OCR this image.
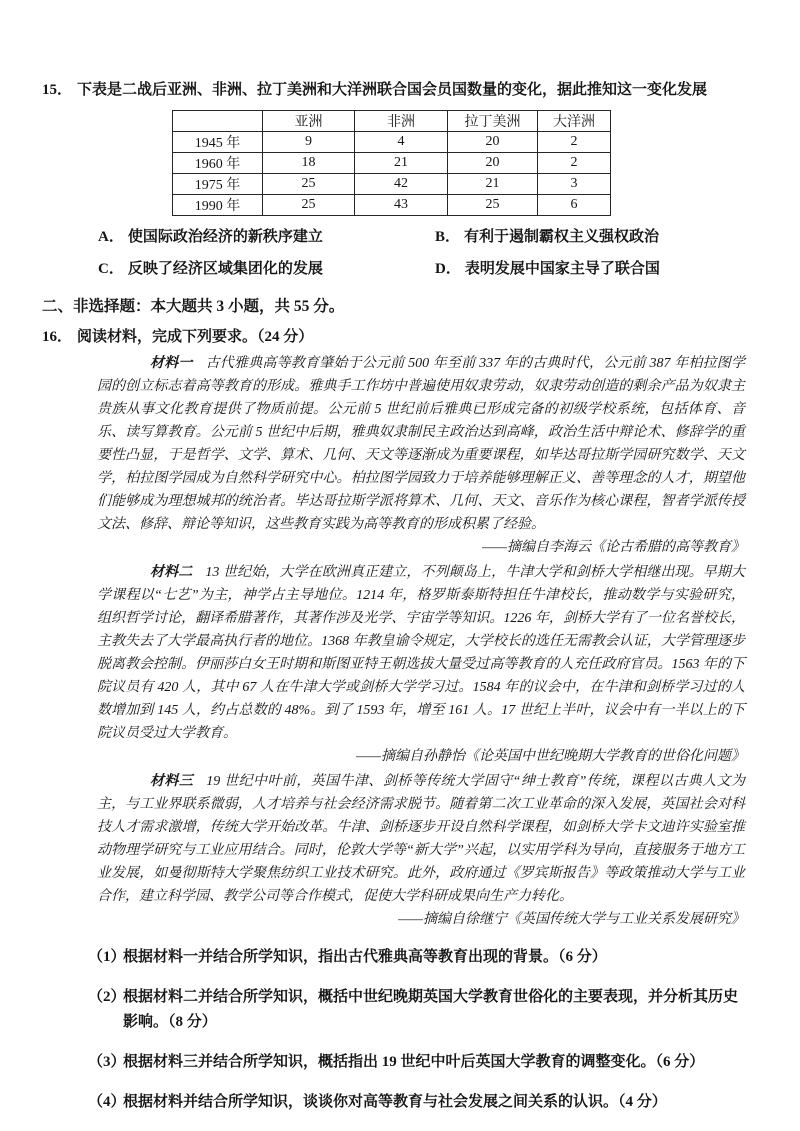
15． 下表是二战后亚洲、非洲、拉丁美洲和大洋洲联合国会员国数量的变化，据此推知这一变化发展
	亚洲	非洲	拉丁美洲	大洋洲
1945 年	9	4	20	2
1960 年	18	21	20	2
1975 年	25	42	21	3
1990 年	25	43	25	6
A． 使国际政治经济的新秩序建立	B． 有利于遏制霸权主义强权政治
C． 反映了经济区域集团化的发展	D． 表明发展中国家主导了联合国
二、非选择题：本大题共 3 小题，共 55 分。
16． 阅读材料，完成下列要求。（24 分）

材料一 古代雅典高等教育肇始于公元前 500 年至前 337 年的古典时代，公元前 387 年柏拉图学园的创立标志着高等教育的形成。雅典手工作坊中普遍使用奴隶劳动，奴隶劳动创造的剩余产品为奴隶主贵族从事文化教育提供了物质前提。公元前 5 世纪前后雅典已形成完备的初级学校系统，包括体育、音乐、读写算教育。公元前 5 世纪中后期，雅典奴隶制民主政治达到高峰，政治生活中辩论术、修辞学的重要性凸显，于是哲学、文学、算术、几何、天文等逐渐成为重要课程，如毕达哥拉斯学园研究数学、天文学，柏拉图学园成为自然科学研究中心。柏拉图学园致力于培养能够理解正义、善等理念的人才，期望他们能够成为理想城邦的统治者。毕达哥拉斯学派将算术、几何、天文、音乐作为核心课程，智者学派传授文法、修辞、辩论等知识，这些教育实践为高等教育的形成积累了经验。

——摘编自李海云《论古希腊的高等教育》

材料二 13 世纪始，大学在欧洲真正建立，不列颠岛上，牛津大学和剑桥大学相继出现。早期大学课程以“七艺”为主，神学占主导地位。1214 年，格罗斯泰斯特担任牛津校长，推动数学与实验研究，组织哲学讨论，翻译希腊著作，其著作涉及光学、宇宙学等知识。1226 年，剑桥大学有了一位名誉校长，主教失去了大学最高执行者的地位。1368 年教皇谕令规定，大学校长的选任无需教会认证，大学管理逐步脱离教会控制。伊丽莎白女王时期和斯图亚特王朝选拔大量受过高等教育的人充任政府官员。1563 年的下院议员有 420 人，其中 67 人在牛津大学或剑桥大学学习过。1584 年的议会中，在牛津和剑桥学习过的人数增加到 145 人，约占总数的 48%。到了 1593 年，增至 161 人。17 世纪上半叶，议会中有一半以上的下院议员受过大学教育。

——摘编自孙静怡《论英国中世纪晚期大学教育的世俗化问题》

材料三 19 世纪中叶前，英国牛津、剑桥等传统大学固守“绅士教育”传统，课程以古典人文为主，与工业界联系微弱，人才培养与社会经济需求脱节。随着第二次工业革命的深入发展，英国社会对科技人才需求激增，传统大学开始改革。牛津、剑桥逐步开设自然科学课程，如剑桥大学卡文迪许实验室推动物理学研究与工业应用结合。同时，伦敦大学等“新大学”兴起，以实用学科为导向，直接服务于地方工业发展，如曼彻斯特大学聚焦纺织工业技术研究。此外，政府通过《罗宾斯报告》等政策推动大学与工业合作，建立科学园、教学公司等合作模式，促使大学科研成果向生产力转化。

——摘编自徐继宁《英国传统大学与工业关系发展研究》
（1）根据材料一并结合所学知识，指出古代雅典高等教育出现的背景。（6 分）
（2）根据材料二并结合所学知识，概括中世纪晚期英国大学教育世俗化的主要表现，并分析其历史影响。（8 分）
（3）根据材料三并结合所学知识，概括指出 19 世纪中叶后英国大学教育的调整变化。（6 分）
（4）根据材料并结合所学知识，谈谈你对高等教育与社会发展之间关系的认识。（4 分）
